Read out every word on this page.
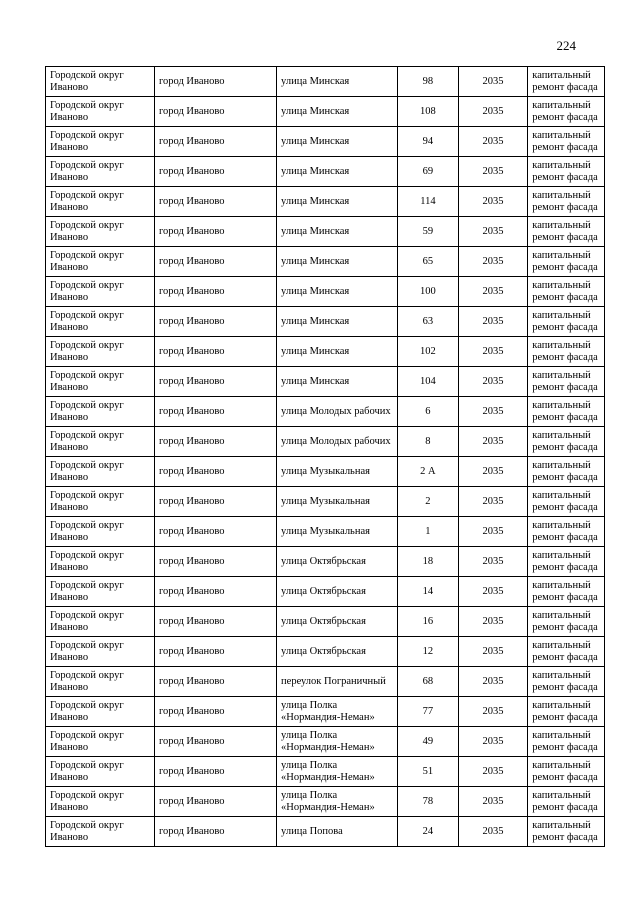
224
Городской округ Иваново	город Иваново	улица Минская	98	2035	капитальный ремонт фасада
Городской округ Иваново	город Иваново	улица Минская	108	2035	капитальный ремонт фасада
Городской округ Иваново	город Иваново	улица Минская	94	2035	капитальный ремонт фасада
Городской округ Иваново	город Иваново	улица Минская	69	2035	капитальный ремонт фасада
Городской округ Иваново	город Иваново	улица Минская	114	2035	капитальный ремонт фасада
Городской округ Иваново	город Иваново	улица Минская	59	2035	капитальный ремонт фасада
Городской округ Иваново	город Иваново	улица Минская	65	2035	капитальный ремонт фасада
Городской округ Иваново	город Иваново	улица Минская	100	2035	капитальный ремонт фасада
Городской округ Иваново	город Иваново	улица Минская	63	2035	капитальный ремонт фасада
Городской округ Иваново	город Иваново	улица Минская	102	2035	капитальный ремонт фасада
Городской округ Иваново	город Иваново	улица Минская	104	2035	капитальный ремонт фасада
Городской округ Иваново	город Иваново	улица Молодых рабочих	6	2035	капитальный ремонт фасада
Городской округ Иваново	город Иваново	улица Молодых рабочих	8	2035	капитальный ремонт фасада
Городской округ Иваново	город Иваново	улица Музыкальная	2 А	2035	капитальный ремонт фасада
Городской округ Иваново	город Иваново	улица Музыкальная	2	2035	капитальный ремонт фасада
Городской округ Иваново	город Иваново	улица Музыкальная	1	2035	капитальный ремонт фасада
Городской округ Иваново	город Иваново	улица Октябрьская	18	2035	капитальный ремонт фасада
Городской округ Иваново	город Иваново	улица Октябрьская	14	2035	капитальный ремонт фасада
Городской округ Иваново	город Иваново	улица Октябрьская	16	2035	капитальный ремонт фасада
Городской округ Иваново	город Иваново	улица Октябрьская	12	2035	капитальный ремонт фасада
Городской округ Иваново	город Иваново	переулок Пограничный	68	2035	капитальный ремонт фасада
Городской округ Иваново	город Иваново	улица Полка «Нормандия-Неман»	77	2035	капитальный ремонт фасада
Городской округ Иваново	город Иваново	улица Полка «Нормандия-Неман»	49	2035	капитальный ремонт фасада
Городской округ Иваново	город Иваново	улица Полка «Нормандия-Неман»	51	2035	капитальный ремонт фасада
Городской округ Иваново	город Иваново	улица Полка «Нормандия-Неман»	78	2035	капитальный ремонт фасада
Городской округ Иваново	город Иваново	улица Попова	24	2035	капитальный ремонт фасада
